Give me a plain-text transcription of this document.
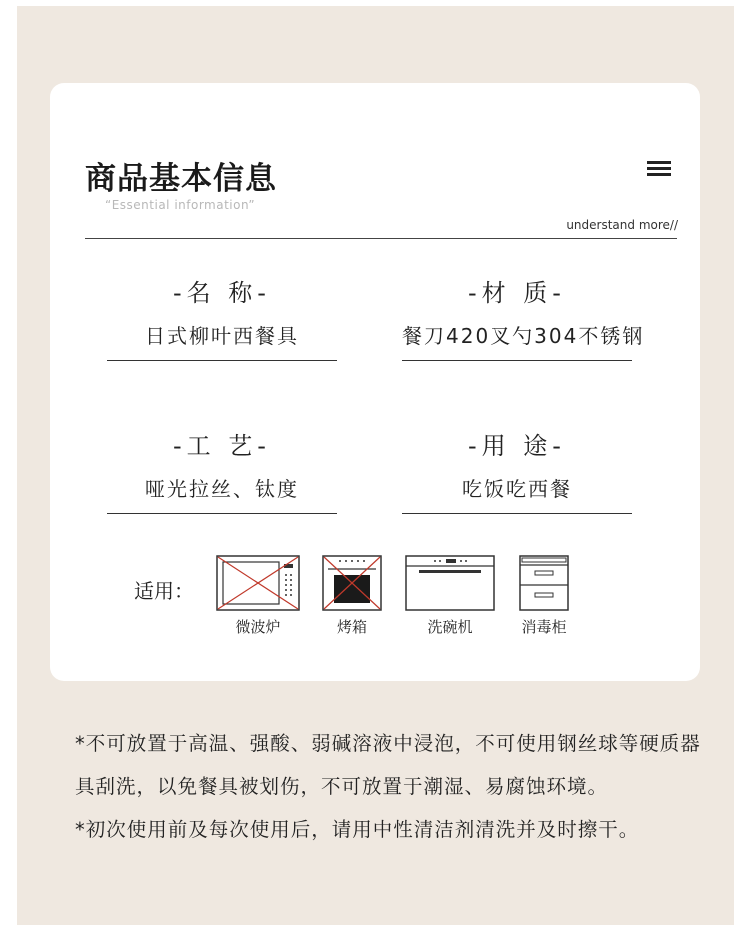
商品基本信息
“Essential information”
understand more//
-名 称-
日式柳叶西餐具
-材 质-
餐刀420叉勺304不锈钢
-工 艺-
哑光拉丝、钛度
-用 途-
吃饭吃西餐
适用：
微波炉	烤箱	洗碗机	消毒柜

*不可放置于高温、强酸、弱碱溶液中浸泡，不可使用钢丝球等硬质器具刮洗，以免餐具被划伤，不可放置于潮湿、易腐蚀环境。

*初次使用前及每次使用后，请用中性清洁剂清洗并及时擦干。
